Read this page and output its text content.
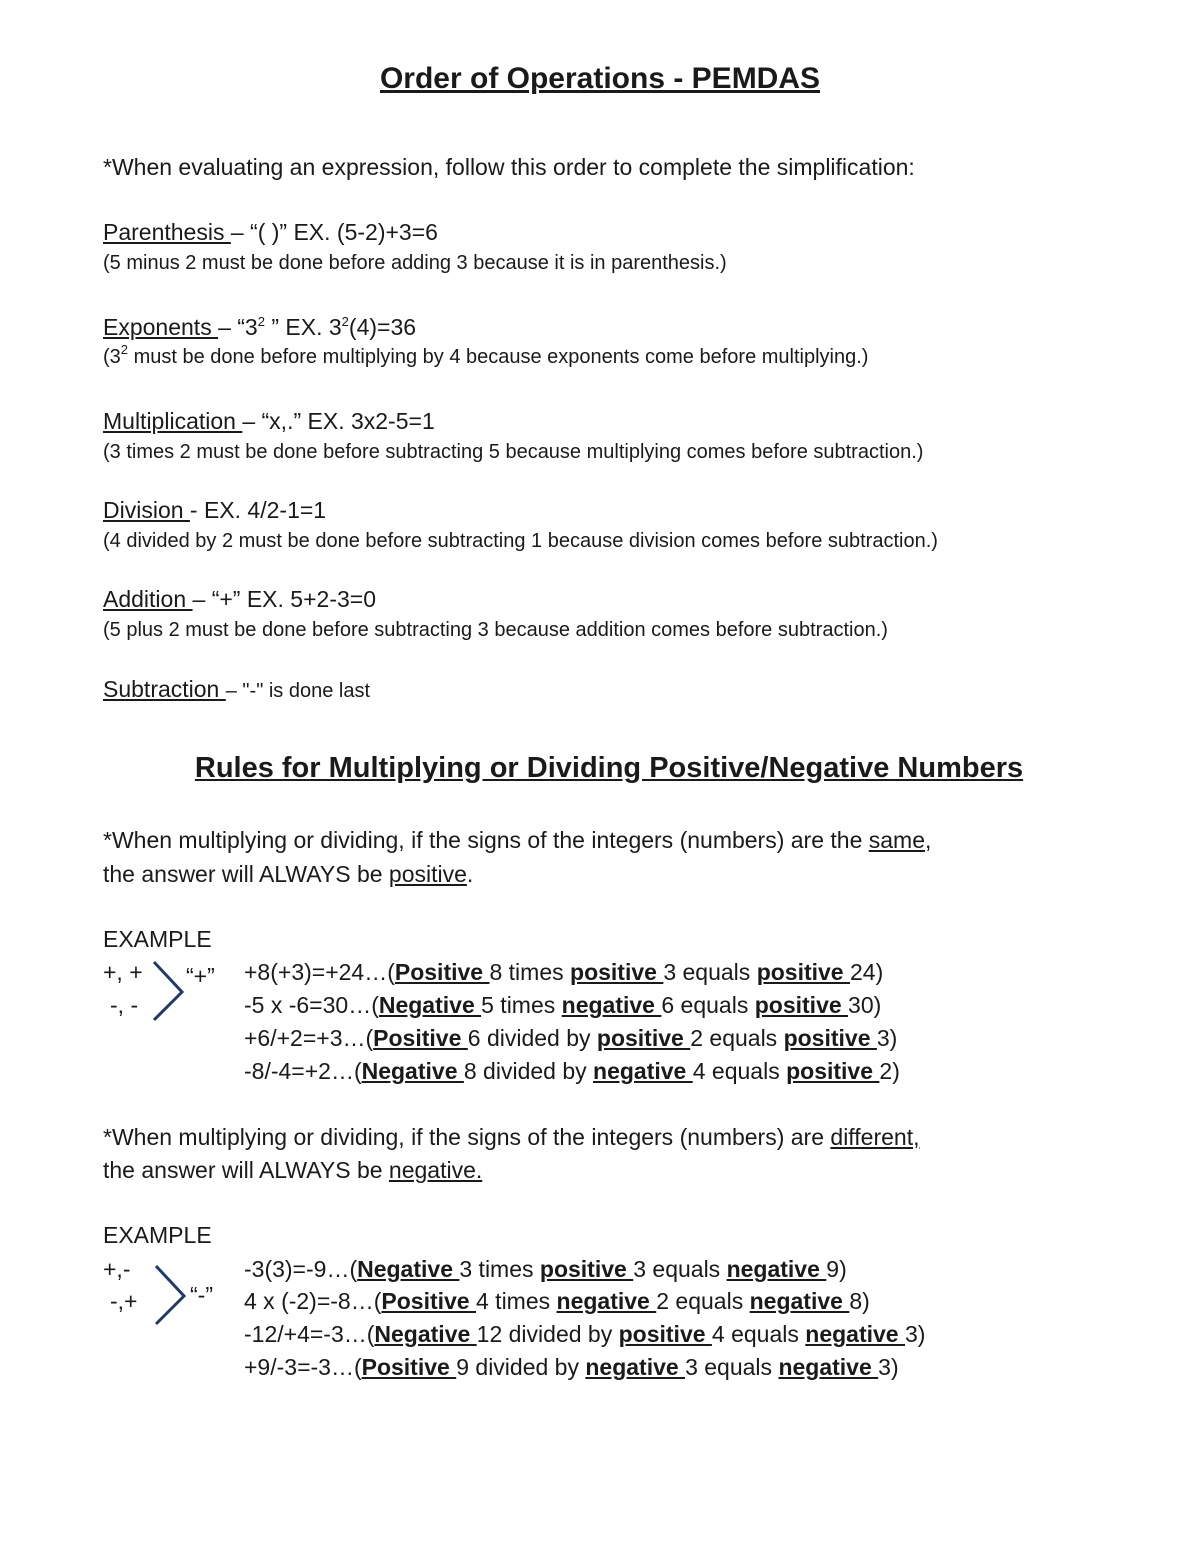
Order of Operations - PEMDAS
*When evaluating an expression, follow this order to complete the simplification:
Parenthesis – “( )” EX. (5-2)+3=6
(5 minus 2 must be done before adding 3 because it is in parenthesis.)
Exponents – “$3^2$ ” EX. $3^2(4)=36$
($3^2$ must be done before multiplying by 4 because exponents come before multiplying.)
Multiplication – “x,.” EX. 3x2-5=1
(3 times 2 must be done before subtracting 5 because multiplying comes before subtraction.)
Division - EX. 4/2-1=1
(4 divided by 2 must be done before subtracting 1 because division comes before subtraction.)
Addition – “+” EX. 5+2-3=0
(5 plus 2 must be done before subtracting 3 because addition comes before subtraction.)
Subtraction – "-" is done last
Rules for Multiplying or Dividing Positive/Negative Numbers
*When multiplying or dividing, if the signs of the integers (numbers) are the same,
the answer will ALWAYS be positive.
EXAMPLE
+, +
-, -
“+” +8(+3)=+24…(Positive 8 times positive 3 equals positive 24)
-5 x -6=30…(Negative 5 times negative 6 equals positive 30)
+6/+2=+3…(Positive 6 divided by positive 2 equals positive 3)
-8/-4=+2…(Negative 8 divided by negative 4 equals positive 2)
*When multiplying or dividing, if the signs of the integers (numbers) are different,
the answer will ALWAYS be negative.
EXAMPLE
+,-
-,+ “-”
-3(3)=-9…(Negative 3 times positive 3 equals negative 9)
4 x (-2)=-8…(Positive 4 times negative 2 equals negative 8)
-12/+4=-3…(Negative 12 divided by positive 4 equals negative 3)
+9/-3=-3…(Positive 9 divided by negative 3 equals negative 3)
